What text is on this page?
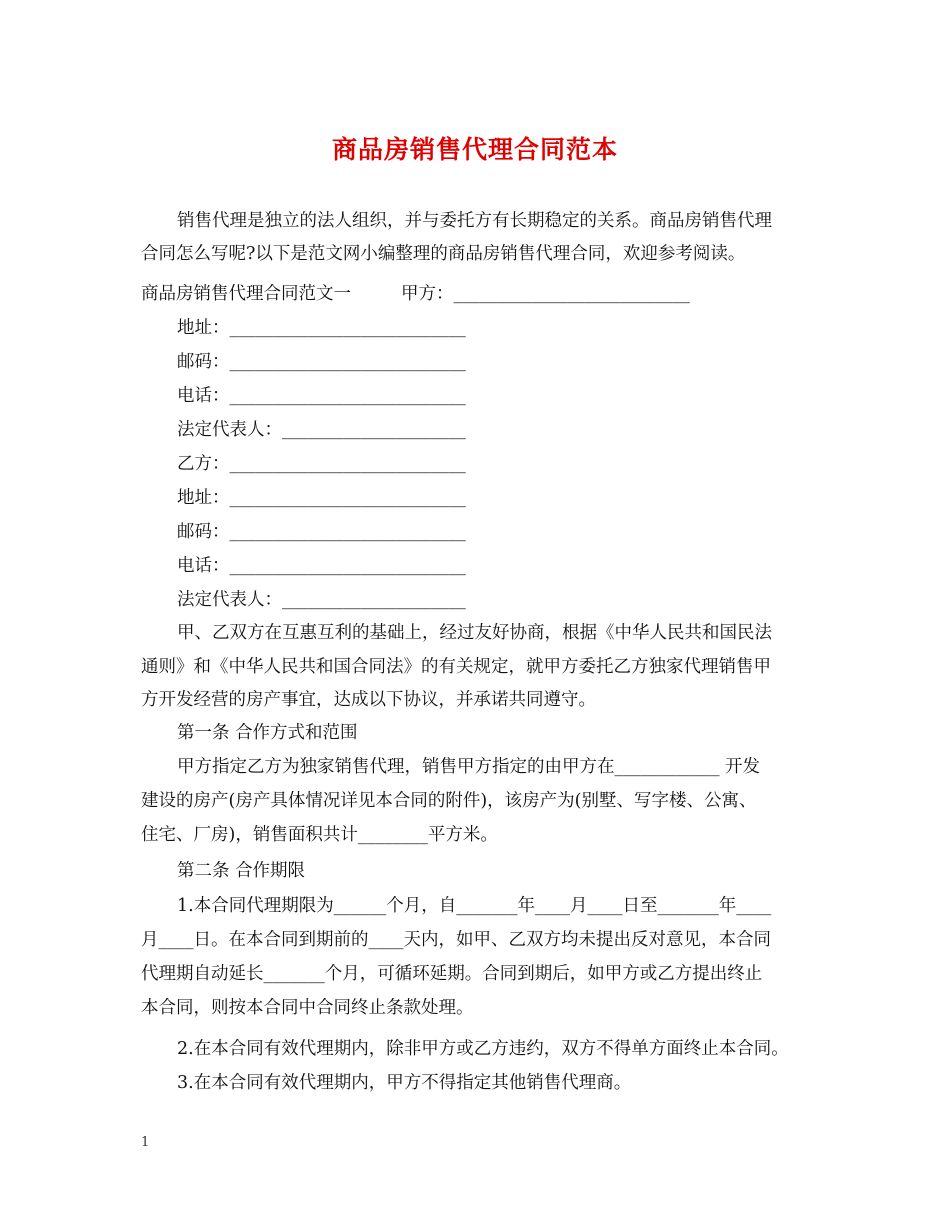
商品房销售代理合同范本
销售代理是独立的法人组织，并与委托方有长期稳定的关系。商品房销售代理
合同怎么写呢?以下是范文网小编整理的商品房销售代理合同，欢迎参考阅读。
商品房销售代理合同范文一	甲方：___________________________
地址：___________________________
邮码：___________________________
电话：___________________________
法定代表人：_____________________
乙方：___________________________
地址：___________________________
邮码：___________________________
电话：___________________________
法定代表人：_____________________
甲、乙双方在互惠互利的基础上，经过友好协商，根据《中华人民共和国民法
通则》和《中华人民共和国合同法》的有关规定，就甲方委托乙方独家代理销售甲
方开发经营的房产事宜，达成以下协议，并承诺共同遵守。
第一条 合作方式和范围
甲方指定乙方为独家销售代理，销售甲方指定的由甲方在____________ 开发
建设的房产(房产具体情况详见本合同的附件)，该房产为(别墅、写字楼、公寓、
住宅、厂房)，销售面积共计________平方米。
第二条 合作期限
1.本合同代理期限为______个月，自_______年____月____日至_______年____
月____日。在本合同到期前的____天内，如甲、乙双方均未提出反对意见，本合同
代理期自动延长_______个月，可循环延期。合同到期后，如甲方或乙方提出终止
本合同，则按本合同中合同终止条款处理。
2.在本合同有效代理期内，除非甲方或乙方违约，双方不得单方面终止本合同。
3.在本合同有效代理期内，甲方不得指定其他销售代理商。
1
